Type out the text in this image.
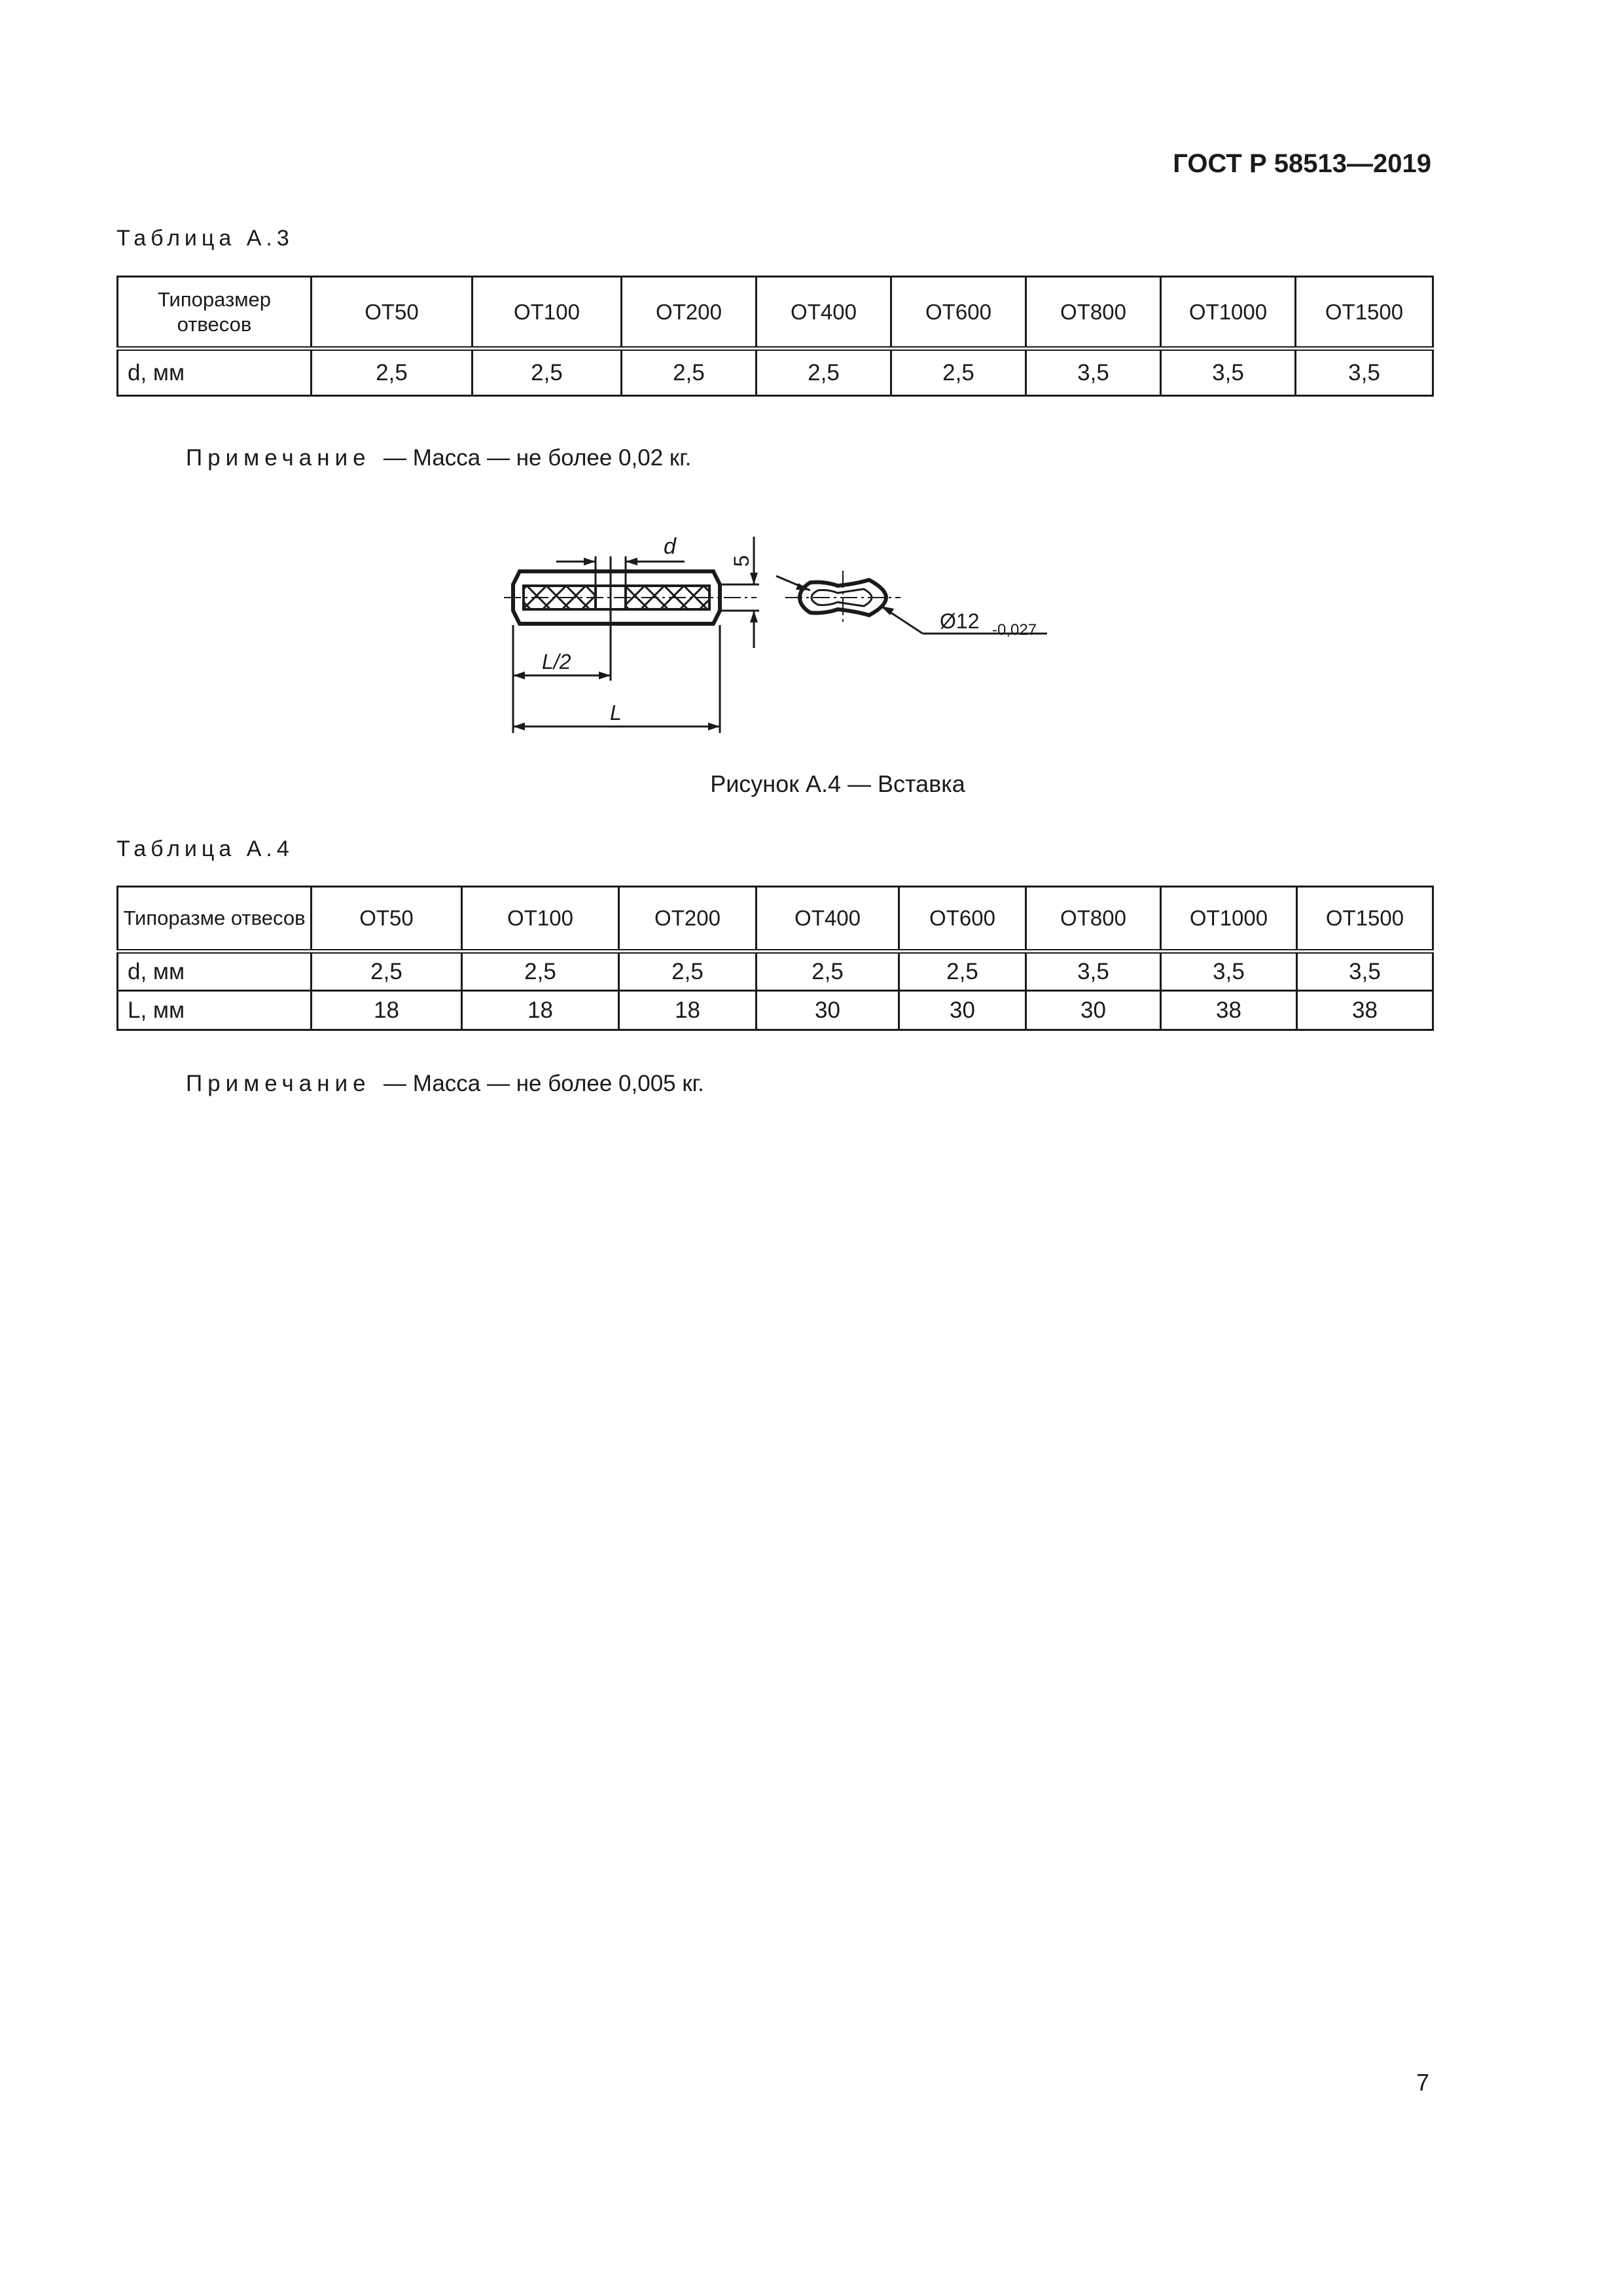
ГОСТ Р 58513—2019
Таблица А.3
Типоразмер отвесов	ОТ50	ОТ100	ОТ200	ОТ400	ОТ600	ОТ800	ОТ1000	ОТ1500
d, мм	2,5	2,5	2,5	2,5	2,5	3,5	3,5	3,5
Примечание — Масса — не более 0,02 кг.
d
5
L/2
L
Ø12 -0,027
Рисунок А.4 — Вставка
Таблица А.4
Типоразме отвесов	ОТ50	ОТ100	ОТ200	ОТ400	ОТ600	ОТ800	ОТ1000	ОТ1500
d, мм	2,5	2,5	2,5	2,5	2,5	3,5	3,5	3,5
L, мм	18	18	18	30	30	30	38	38
Примечание — Масса — не более 0,005 кг.
7
